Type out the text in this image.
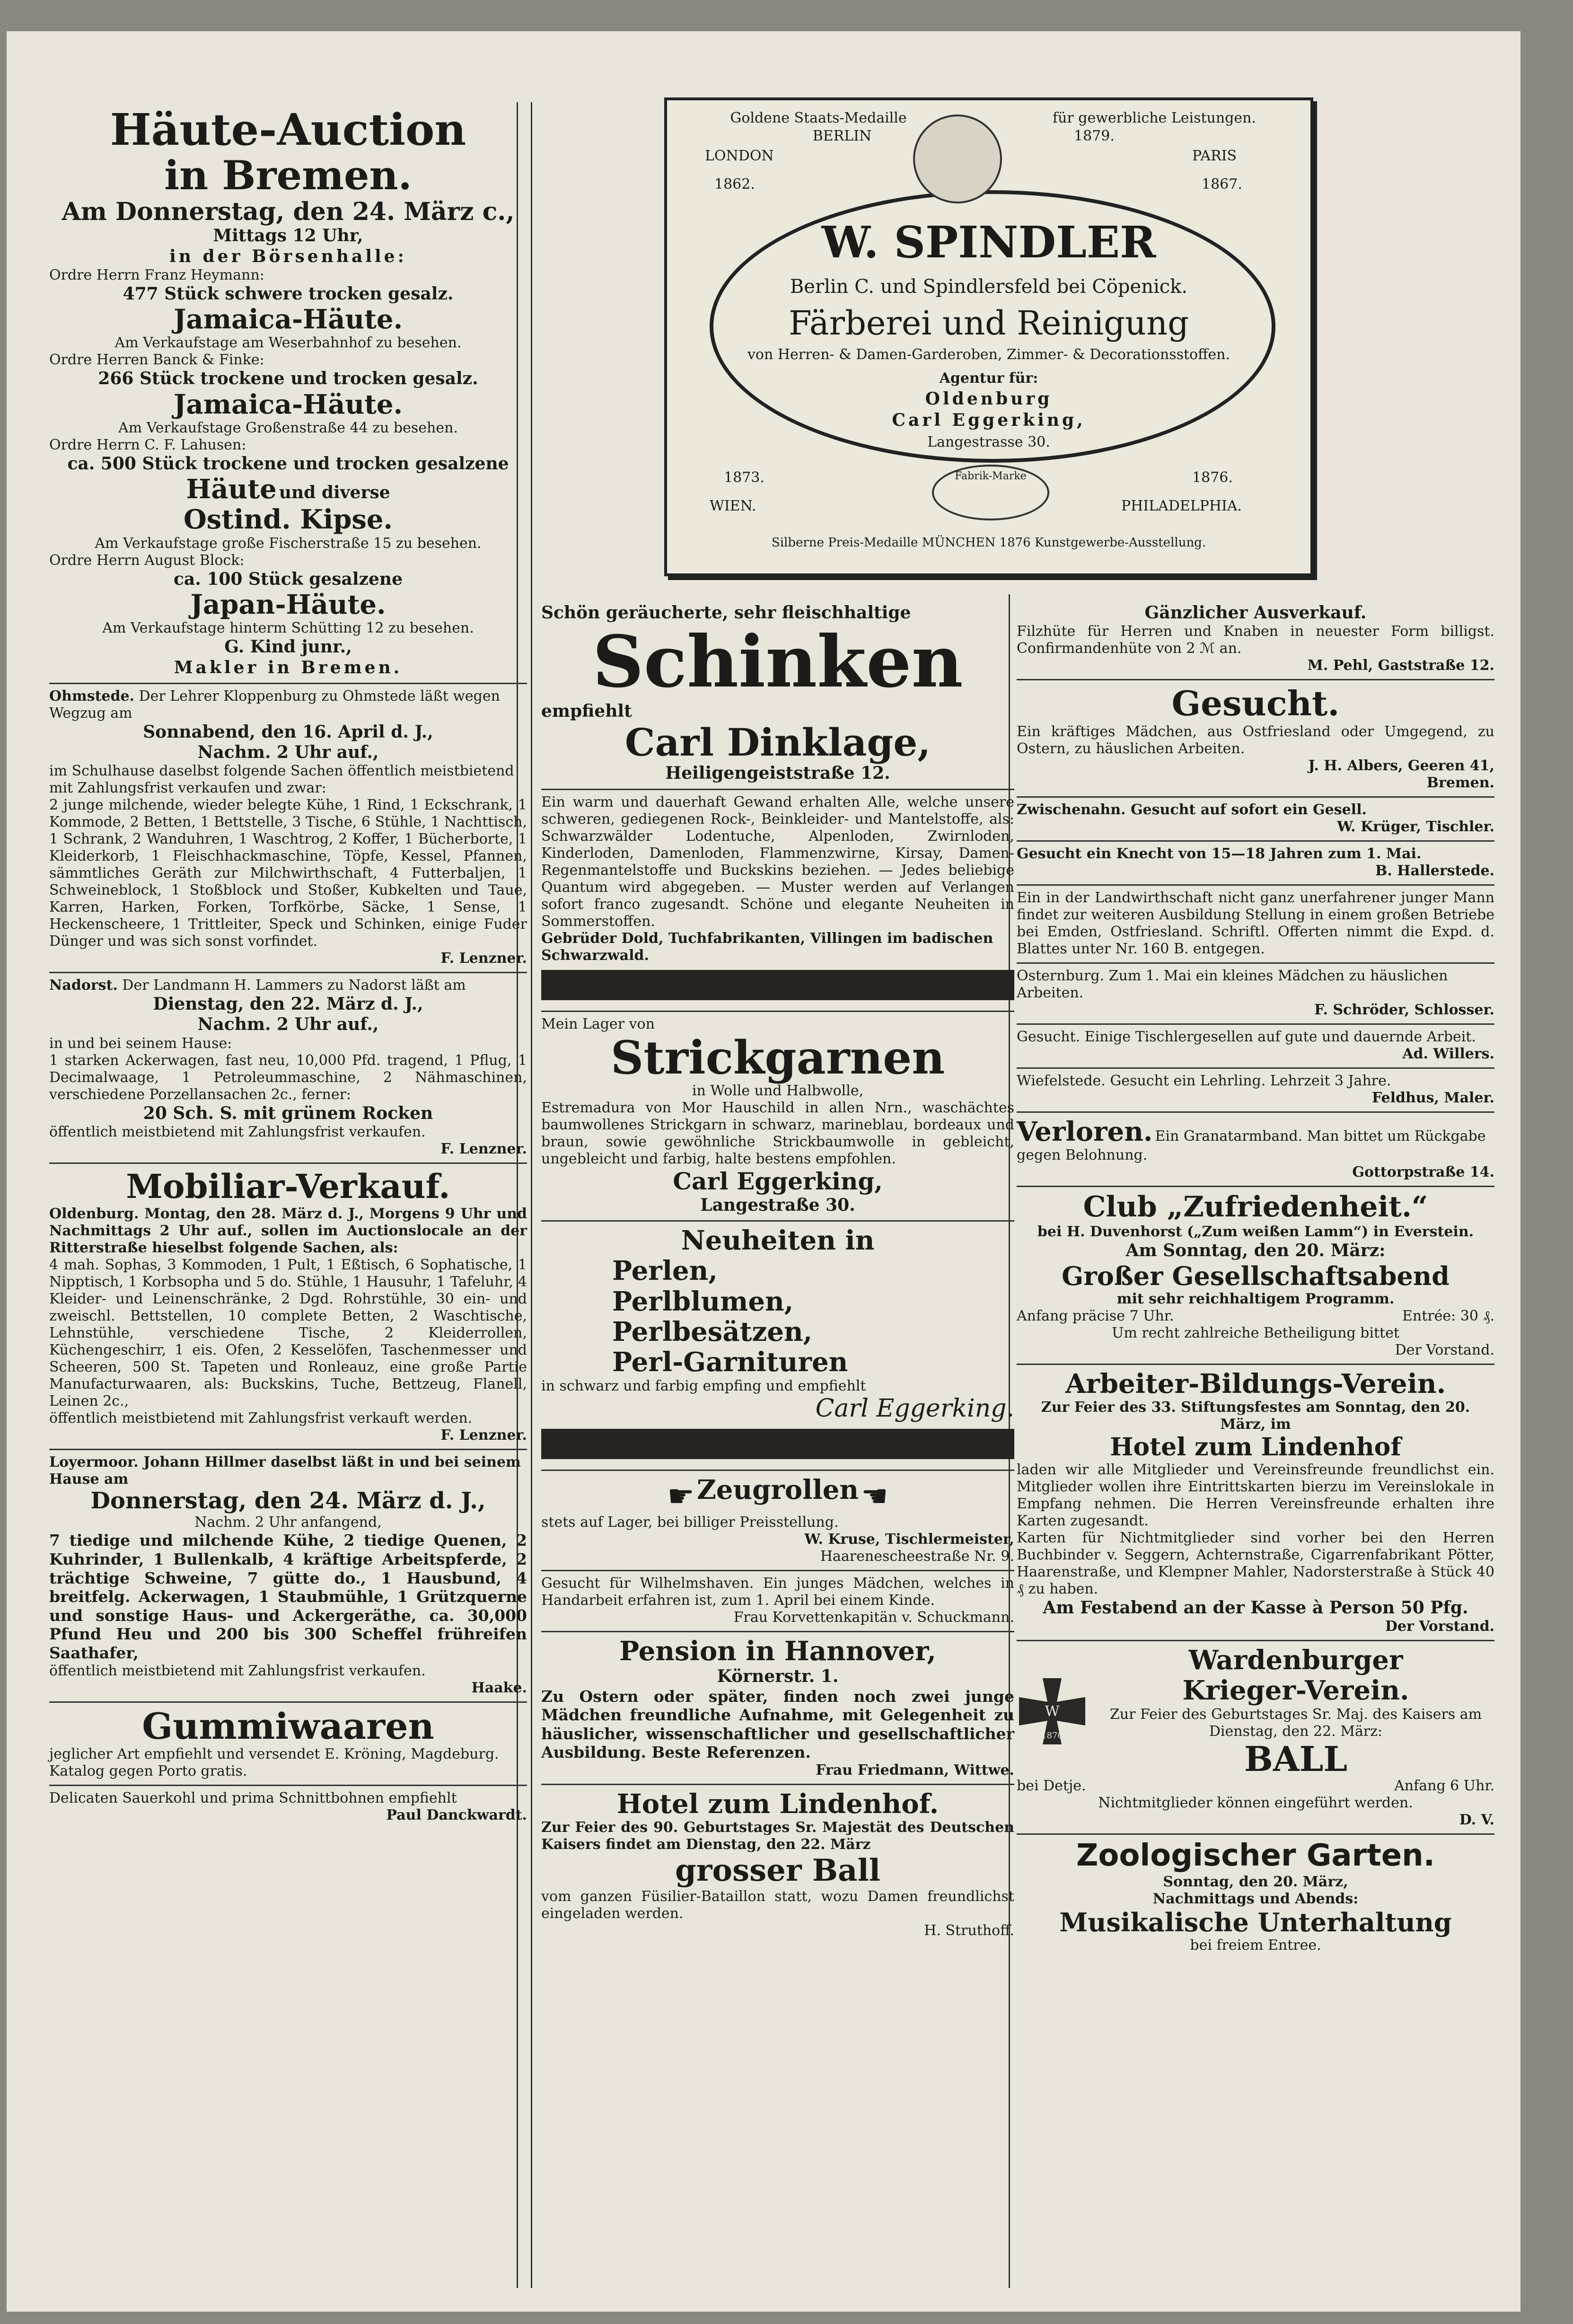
Häute-Auction
in Bremen.
Am Donnerstag, den 24. März c.,
Mittags 12 Uhr,
in der Börsenhalle:
Ordre Herrn Franz Heymann:
477 Stück schwere trocken gesalz.
Jamaica-Häute.
Am Verkaufstage am Weserbahnhof zu besehen.
Ordre Herren Banck & Finke:
266 Stück trockene und trocken gesalz.
Jamaica-Häute.
Am Verkaufstage Großenstraße 44 zu besehen.
Ordre Herrn C. F. Lahusen:
ca. 500 Stück trockene und trocken gesalzene
Häute und diverse
Ostind. Kipse.
Am Verkaufstage große Fischerstraße 15 zu besehen.
Ordre Herrn August Block:
ca. 100 Stück gesalzene
Japan-Häute.
Am Verkaufstage hinterm Schütting 12 zu besehen.
G. Kind junr.,
Makler in Bremen.
Ohmstede. Der Lehrer Kloppenburg zu Ohmstede läßt wegen Wegzug am
Sonnabend, den 16. April d. J.,
Nachm. 2 Uhr auf.,
im Schulhause daselbst folgende Sachen öffentlich meistbietend mit Zahlungsfrist verkaufen und zwar:
2 junge milchende, wieder belegte Kühe, 1 Rind, 1 Eckschrank, 1 Kommode, 2 Betten, 1 Bettstelle, 3 Tische, 6 Stühle, 1 Nachttisch, 1 Schrank, 2 Wanduhren, 1 Waschtrog, 2 Koffer, 1 Bücherborte, 1 Kleiderkorb, 1 Fleischhackmaschine, Töpfe, Kessel, Pfannen, sämmtliches Geräth zur Milchwirthschaft, 4 Futterbaljen, 1 Schweineblock, 1 Stoßblock und Stoßer, Kubkelten und Taue, Karren, Harken, Forken, Torfkörbe, Säcke, 1 Sense, 1 Heckenscheere, 1 Trittleiter, Speck und Schinken, einige Fuder Dünger und was sich sonst vorfindet.
F. Lenzner.
Nadorst. Der Landmann H. Lammers zu Nadorst läßt am
Dienstag, den 22. März d. J.,
Nachm. 2 Uhr auf.,
in und bei seinem Hause:
1 starken Ackerwagen, fast neu, 10,000 Pfd. tragend, 1 Pflug, 1 Decimalwaage, 1 Petroleummaschine, 2 Nähmaschinen, verschiedene Porzellansachen 2c., ferner:
20 Sch. S. mit grünem Rocken
öffentlich meistbietend mit Zahlungsfrist verkaufen.
F. Lenzner.
Mobiliar-Verkauf.
Oldenburg. Montag, den 28. März d. J., Morgens 9 Uhr und Nachmittags 2 Uhr auf., sollen im Auctionslocale an der Ritterstraße hieselbst folgende Sachen, als:
4 mah. Sophas, 3 Kommoden, 1 Pult, 1 Eßtisch, 6 Sophatische, 1 Nipptisch, 1 Korbsopha und 5 do. Stühle, 1 Hausuhr, 1 Tafeluhr, 4 Kleider- und Leinenschränke, 2 Dgd. Rohrstühle, 30 ein- und zweischl. Bettstellen, 10 complete Betten, 2 Waschtische, Lehnstühle, verschiedene Tische, 2 Kleiderrollen, Küchengeschirr, 1 eis. Ofen, 2 Kesselöfen, Taschenmesser und Scheeren, 500 St. Tapeten und Ronleauz, eine große Partie Manufacturwaaren, als: Buckskins, Tuche, Bettzeug, Flanell, Leinen 2c.,
öffentlich meistbietend mit Zahlungsfrist verkauft werden.
F. Lenzner.
Loyermoor. Johann Hillmer daselbst läßt in und bei seinem Hause am
Donnerstag, den 24. März d. J.,
Nachm. 2 Uhr anfangend,
7 tiedige und milchende Kühe, 2 tiedige Quenen, 2 Kuhrinder, 1 Bullenkalb, 4 kräftige Arbeitspferde, 2 trächtige Schweine, 7 gütte do., 1 Hausbund, 4 breitfelg. Ackerwagen, 1 Staubmühle, 1 Grützquerne und sonstige Haus- und Ackergeräthe, ca. 30,000 Pfund Heu und 200 bis 300 Scheffel frühreifen Saathafer,
öffentlich meistbietend mit Zahlungsfrist verkaufen.
Haake.
Gummiwaaren
jeglicher Art empfiehlt und versendet E. Kröning, Magdeburg. Katalog gegen Porto gratis.
Delicaten Sauerkohl und prima Schnittbohnen empfiehlt
Paul Danckwardt.
Goldene Staats-Medaille
BERLIN
LONDON
1862.
für gewerbliche Leistungen.
1879.
PARIS
1867.
W. SPINDLER
Berlin C. und Spindlersfeld bei Cöpenick.
Färberei und Reinigung
von Herren- & Damen-Garderoben, Zimmer- & Decorationsstoffen.
Agentur für:
Oldenburg
Carl Eggerking,
Langestrasse 30.
1873.
WIEN.
Fabrik-Marke	1876.
PHILADELPHIA.
Silberne Preis-Medaille MÜNCHEN 1876 Kunstgewerbe-Ausstellung.
Schön geräucherte, sehr fleischhaltige
Schinken
empfiehlt
Carl Dinklage,
Heiligengeiststraße 12.
Ein warm und dauerhaft Gewand erhalten Alle, welche unsere schweren, gediegenen Rock-, Beinkleider- und Mantelstoffe, als: Schwarzwälder Lodentuche, Alpenloden, Zwirnloden, Kinderloden, Damenloden, Flammenzwirne, Kirsay, Damen-Regenmantelstoffe und Buckskins beziehen. — Jedes beliebige Quantum wird abgegeben. — Muster werden auf Verlangen sofort franco zugesandt. Schöne und elegante Neuheiten in Sommerstoffen.
Gebrüder Dold, Tuchfabrikanten, Villingen im badischen Schwarzwald.
Mein Lager von
Strickgarnen
in Wolle und Halbwolle,
Estremadura von Mor Hauschild in allen Nrn., waschächtes baumwollenes Strickgarn in schwarz, marineblau, bordeaux und braun, sowie gewöhnliche Strickbaumwolle in gebleicht, ungebleicht und farbig, halte bestens empfohlen.
Carl Eggerking,
Langestraße 30.
Neuheiten in
Perlen,
Perlblumen,
Perlbesätzen,
Perl-Garnituren
in schwarz und farbig empfing und empfiehlt
Carl Eggerking.
☛ Zeugrollen ☚
stets auf Lager, bei billiger Preisstellung.
W. Kruse, Tischlermeister,
Haarenescheestraße Nr. 9.
Gesucht für Wilhelmshaven. Ein junges Mädchen, welches in Handarbeit erfahren ist, zum 1. April bei einem Kinde.
Frau Korvettenkapitän v. Schuckmann.
Pension in Hannover,
Körnerstr. 1.
Zu Ostern oder später, finden noch zwei junge Mädchen freundliche Aufnahme, mit Gelegenheit zu häuslicher, wissenschaftlicher und gesellschaftlicher Ausbildung. Beste Referenzen.
Frau Friedmann, Wittwe.
Hotel zum Lindenhof.
Zur Feier des 90. Geburtstages Sr. Majestät des Deutschen Kaisers findet am Dienstag, den 22. März
grosser Ball
vom ganzen Füsilier-Bataillon statt, wozu Damen freundlichst eingeladen werden.
H. Struthoff.
Gänzlicher Ausverkauf.
Filzhüte für Herren und Knaben in neuester Form billigst. Confirmandenhüte von 2 ℳ an.
M. Pehl, Gaststraße 12.
Gesucht.
Ein kräftiges Mädchen, aus Ostfriesland oder Umgegend, zu Ostern, zu häuslichen Arbeiten.
J. H. Albers, Geeren 41,
Bremen.
Zwischenahn. Gesucht auf sofort ein Gesell.
W. Krüger, Tischler.
Gesucht ein Knecht von 15—18 Jahren zum 1. Mai.
B. Hallerstede.
Ein in der Landwirthschaft nicht ganz unerfahrener junger Mann findet zur weiteren Ausbildung Stellung in einem großen Betriebe bei Emden, Ostfriesland. Schriftl. Offerten nimmt die Expd. d. Blattes unter Nr. 160 B. entgegen.
Osternburg. Zum 1. Mai ein kleines Mädchen zu häuslichen Arbeiten.
F. Schröder, Schlosser.
Gesucht. Einige Tischlergesellen auf gute und dauernde Arbeit.
Ad. Willers.
Wiefelstede. Gesucht ein Lehrling. Lehrzeit 3 Jahre.
Feldhus, Maler.
Verloren. Ein Granatarmband. Man bittet um Rückgabe gegen Belohnung.
Gottorpstraße 14.
Club „Zufriedenheit.“
bei H. Duvenhorst („Zum weißen Lamm“) in Everstein.
Am Sonntag, den 20. März:
Großer Gesellschaftsabend
mit sehr reichhaltigem Programm.
Anfang präcise 7 Uhr.	Entrée: 30 ₰.
Um recht zahlreiche Betheiligung bittet
Der Vorstand.
Arbeiter-Bildungs-Verein.
Zur Feier des 33. Stiftungsfestes am Sonntag, den 20. März, im
Hotel zum Lindenhof
laden wir alle Mitglieder und Vereinsfreunde freundlichst ein. Mitglieder wollen ihre Eintrittskarten bierzu im Vereinslokale in Empfang nehmen. Die Herren Vereinsfreunde erhalten ihre Karten zugesandt.
Karten für Nichtmitglieder sind vorher bei den Herren Buchbinder v. Seggern, Achternstraße, Cigarrenfabrikant Pötter, Haarenstraße, und Klempner Mahler, Nadorsterstraße à Stück 40 ₰ zu haben.
Am Festabend an der Kasse à Person 50 Pfg.
Der Vorstand.
W
1870
Wardenburger
Krieger-Verein.
Zur Feier des Geburtstages Sr. Maj. des Kaisers am Dienstag, den 22. März:
BALL
bei Detje.	Anfang 6 Uhr.
Nichtmitglieder können eingeführt werden.
D. V.
Zoologischer Garten.
Sonntag, den 20. März,
Nachmittags und Abends:
Musikalische Unterhaltung
bei freiem Entree.
